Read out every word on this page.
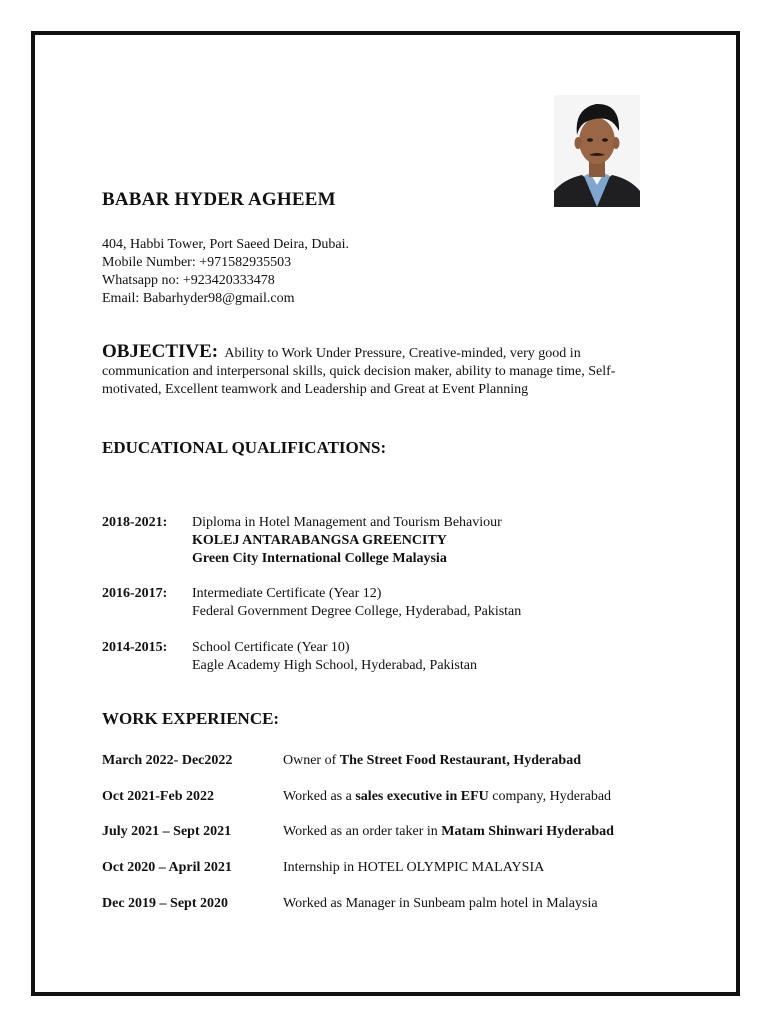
BABAR HYDER AGHEEM
404, Habbi Tower, Port Saeed Deira, Dubai.
Mobile Number: +971582935503
Whatsapp no: +923420333478
Email: Babarhyder98@gmail.com
OBJECTIVE: Ability to Work Under Pressure, Creative-minded, very good in communication and interpersonal skills, quick decision maker, ability to manage time, Self-motivated, Excellent teamwork and Leadership and Great at Event Planning
EDUCATIONAL QUALIFICATIONS:
2018-2021: Diploma in Hotel Management and Tourism Behaviour
KOLEJ ANTARABANGSA GREENCITY
Green City International College Malaysia
2016-2017: Intermediate Certificate (Year 12)
Federal Government Degree College, Hyderabad, Pakistan
2014-2015: School Certificate (Year 10)
Eagle Academy High School, Hyderabad, Pakistan
WORK EXPERIENCE:
March 2022- Dec2022	Owner of The Street Food Restaurant, Hyderabad
Oct 2021-Feb 2022	Worked as a sales executive in EFU company, Hyderabad
July 2021 – Sept 2021	Worked as an order taker in Matam Shinwari Hyderabad
Oct 2020 – April 2021	Internship in HOTEL OLYMPIC MALAYSIA
Dec 2019 – Sept 2020	Worked as Manager in Sunbeam palm hotel in Malaysia
